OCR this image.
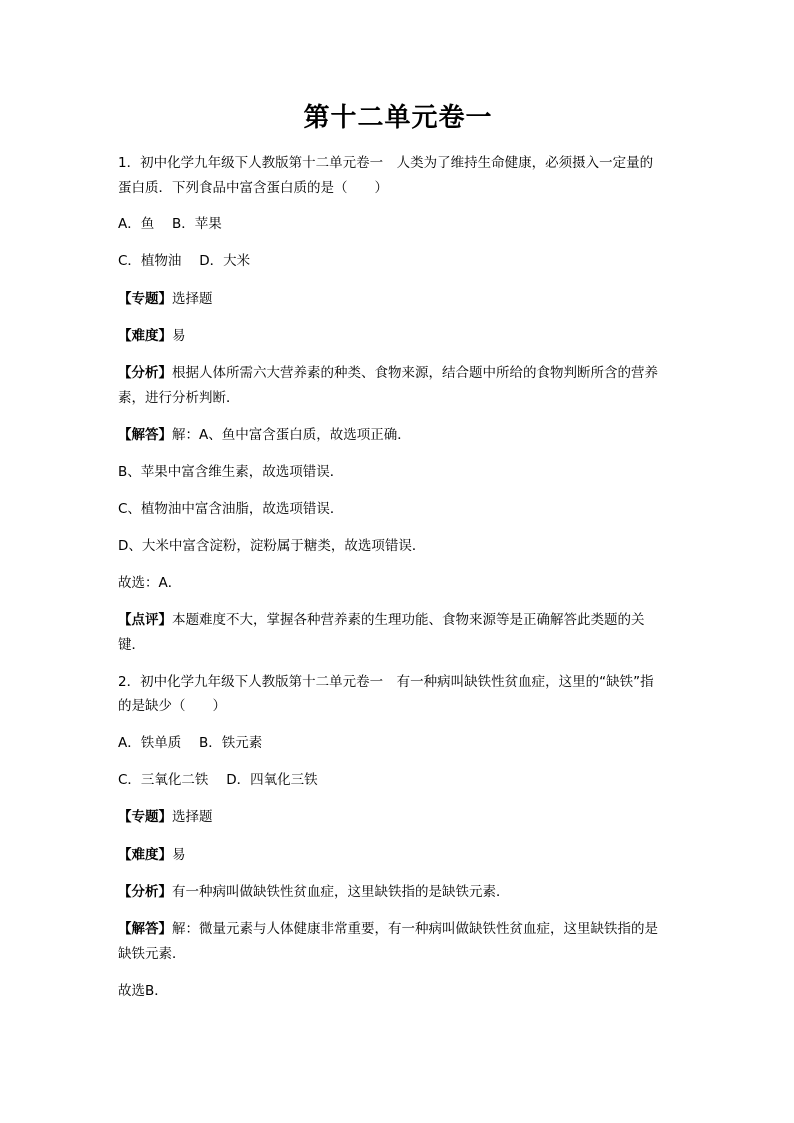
第十二单元卷一
1．初中化学九年级下人教版第十二单元卷一　人类为了维持生命健康，必须摄入一定量的
蛋白质．下列食品中富含蛋白质的是（　　）
A．鱼　 B．苹果
C．植物油　 D．大米
【专题】选择题
【难度】易
【分析】根据人体所需六大营养素的种类、食物来源，结合题中所给的食物判断所含的营养
素，进行分析判断．
【解答】解：A、鱼中富含蛋白质，故选项正确．
B、苹果中富含维生素，故选项错误．
C、植物油中富含油脂，故选项错误．
D、大米中富含淀粉，淀粉属于糖类，故选项错误．
故选：A．
【点评】本题难度不大，掌握各种营养素的生理功能、食物来源等是正确解答此类题的关
键．
2．初中化学九年级下人教版第十二单元卷一　有一种病叫缺铁性贫血症，这里的“缺铁”指
的是缺少（　　）
A．铁单质　 B．铁元素
C．三氧化二铁　 D．四氧化三铁
【专题】选择题
【难度】易
【分析】有一种病叫做缺铁性贫血症，这里缺铁指的是缺铁元素．
【解答】解：微量元素与人体健康非常重要，有一种病叫做缺铁性贫血症，这里缺铁指的是
缺铁元素．
故选B．
